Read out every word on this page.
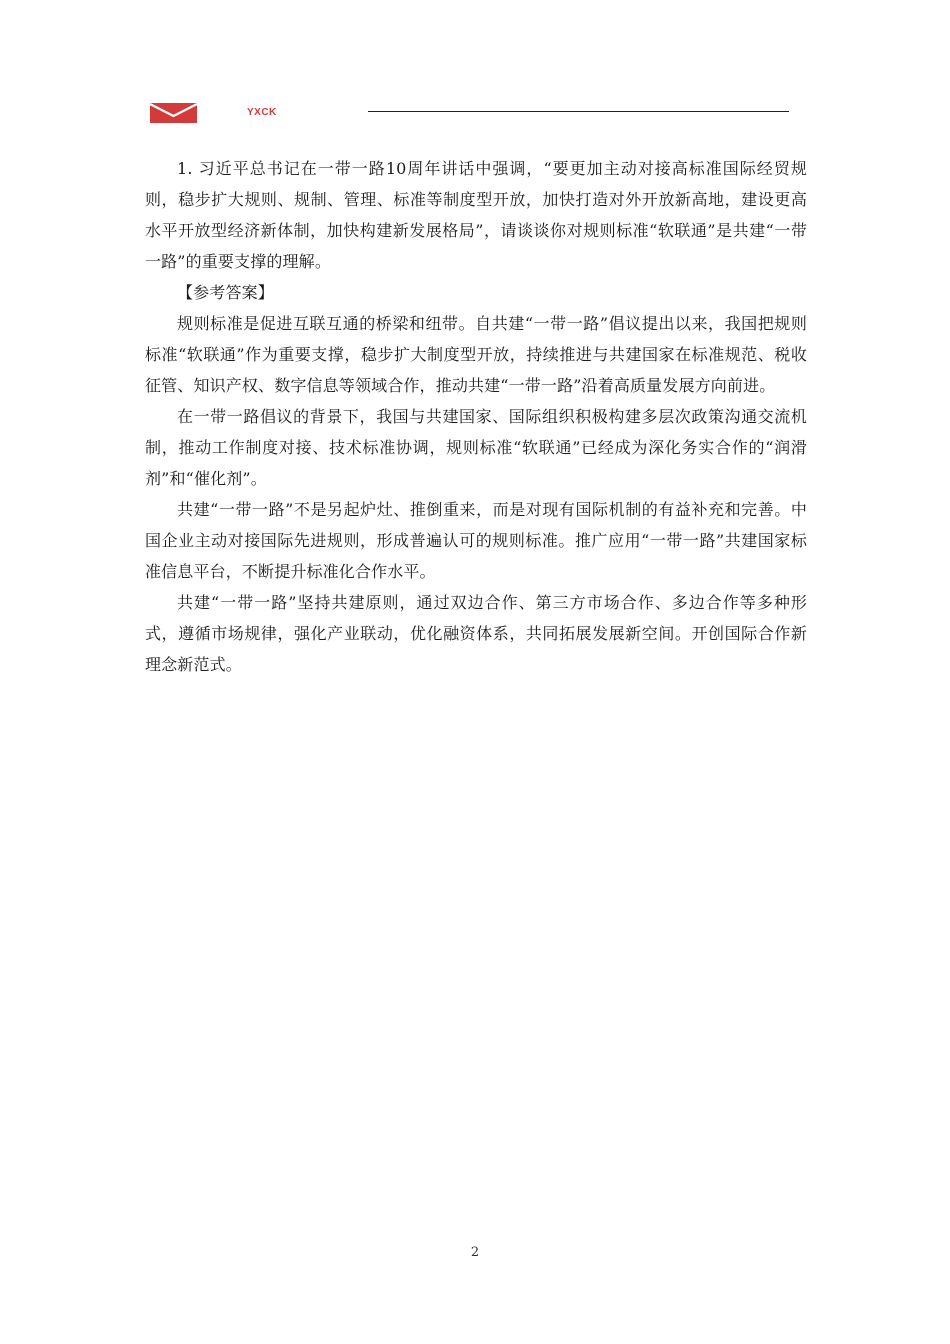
YXCK

1. 习近平总书记在一带一路10周年讲话中强调，“要更加主动对接高标准国际经贸规则，稳步扩大规则、规制、管理、标准等制度型开放，加快打造对外开放新高地，建设更高水平开放型经济新体制，加快构建新发展格局”，请谈谈你对规则标准“软联通”是共建“一带一路”的重要支撑的理解。

【参考答案】

规则标准是促进互联互通的桥梁和纽带。自共建“一带一路”倡议提出以来，我国把规则标准“软联通”作为重要支撑，稳步扩大制度型开放，持续推进与共建国家在标准规范、税收征管、知识产权、数字信息等领域合作，推动共建“一带一路”沿着高质量发展方向前进。

在一带一路倡议的背景下，我国与共建国家、国际组织积极构建多层次政策沟通交流机制，推动工作制度对接、技术标准协调，规则标准“软联通”已经成为深化务实合作的“润滑剂”和“催化剂”。

共建“一带一路”不是另起炉灶、推倒重来，而是对现有国际机制的有益补充和完善。中国企业主动对接国际先进规则，形成普遍认可的规则标准。推广应用“一带一路”共建国家标准信息平台，不断提升标准化合作水平。

共建“一带一路”坚持共建原则，通过双边合作、第三方市场合作、多边合作等多种形式，遵循市场规律，强化产业联动，优化融资体系，共同拓展发展新空间。开创国际合作新理念新范式。

2
